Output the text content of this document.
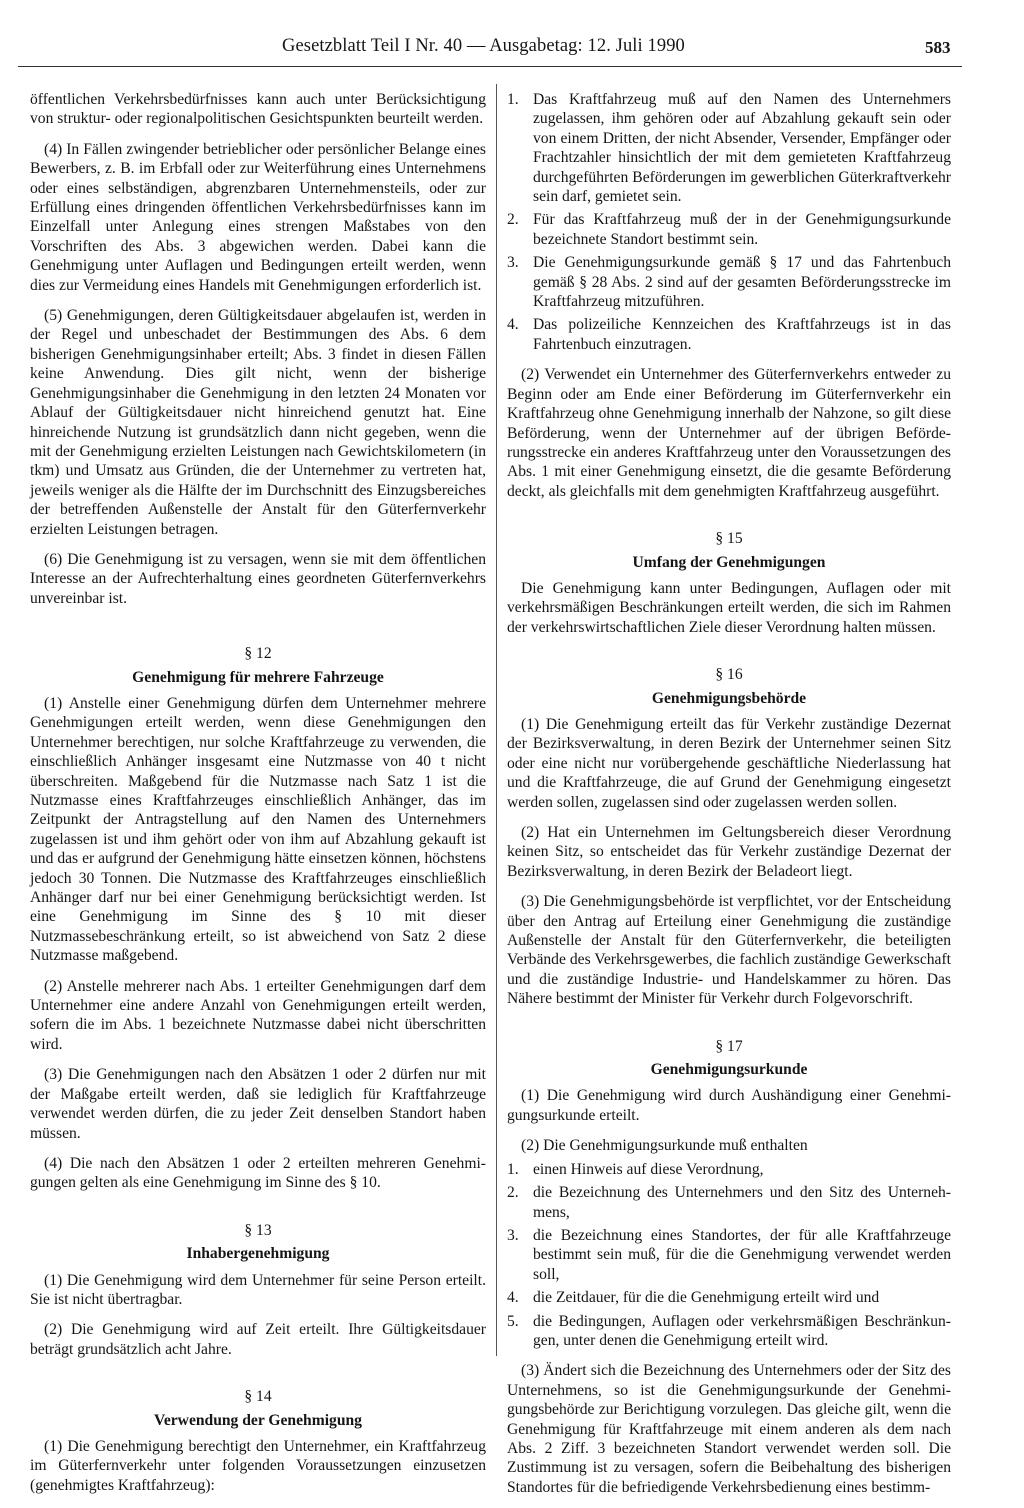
Gesetzblatt Teil I Nr. 40 — Ausgabetag: 12. Juli 1990	583

öffentlichen Verkehrsbedürfnisses kann auch unter Berücksichtigung von struktur- oder regionalpolitischen Gesichtspunkten beurteilt werden.

(4) In Fällen zwingender betrieblicher oder persönlicher Belange eines Bewerbers, z. B. im Erbfall oder zur Weiterführung eines Unternehmens oder eines selbständigen, abgrenzbaren Unternehmensteils, oder zur Erfüllung eines dringenden öffentlichen Verkehrsbedürfnisses kann im Einzelfall unter Anlegung eines strengen Maßstabes von den Vorschriften des Abs. 3 abgewichen werden. Dabei kann die Genehmigung unter Auflagen und Bedingungen erteilt werden, wenn dies zur Vermeidung eines Handels mit Genehmigungen erforderlich ist.

(5) Genehmigungen, deren Gültigkeitsdauer abgelaufen ist, werden in der Regel und unbeschadet der Bestimmungen des Abs. 6 dem bisherigen Genehmigungsinhaber erteilt; Abs. 3 findet in diesen Fällen keine Anwendung. Dies gilt nicht, wenn der bisherige Genehmigungsinhaber die Genehmigung in den letzten 24 Monaten vor Ablauf der Gültigkeitsdauer nicht hinreichend genutzt hat. Eine hinreichende Nutzung ist grundsätzlich dann nicht gegeben, wenn die mit der Genehmigung erzielten Leistungen nach Gewichtskilometern (in tkm) und Umsatz aus Gründen, die der Unternehmer zu vertreten hat, jeweils weniger als die Hälfte der im Durchschnitt des Einzugsbereiches der betreffenden Außenstelle der Anstalt für den Güterfernverkehr erzielten Leistungen betragen.

(6) Die Genehmigung ist zu versagen, wenn sie mit dem öffentlichen Interesse an der Aufrechterhaltung eines geordneten Güterfernverkehrs unvereinbar ist.

§ 12
Genehmigung für mehrere Fahrzeuge

(1) Anstelle einer Genehmigung dürfen dem Unternehmer mehrere Genehmigungen erteilt werden, wenn diese Genehmigungen den Unternehmer berechtigen, nur solche Kraftfahrzeuge zu verwenden, die einschließlich Anhänger insgesamt eine Nutzmasse von 40 t nicht überschreiten. Maßgebend für die Nutzmasse nach Satz 1 ist die Nutzmasse eines Kraftfahrzeuges einschließlich Anhänger, das im Zeitpunkt der Antragstellung auf den Namen des Unternehmers zugelassen ist und ihm gehört oder von ihm auf Abzahlung gekauft ist und das er aufgrund der Genehmigung hätte einsetzen können, höchstens jedoch 30 Tonnen. Die Nutzmasse des Kraftfahrzeuges einschließlich Anhänger darf nur bei einer Genehmigung berücksichtigt werden. Ist eine Genehmigung im Sinne des § 10 mit dieser Nutzmassebeschränkung erteilt, so ist abweichend von Satz 2 diese Nutzmasse maßgebend.

(2) Anstelle mehrerer nach Abs. 1 erteilter Genehmigungen darf dem Unternehmer eine andere Anzahl von Genehmigungen erteilt werden, sofern die im Abs. 1 bezeichnete Nutzmasse dabei nicht überschritten wird.

(3) Die Genehmigungen nach den Absätzen 1 oder 2 dürfen nur mit der Maßgabe erteilt werden, daß sie lediglich für Kraftfahrzeuge verwendet werden dürfen, die zu jeder Zeit denselben Standort haben müssen.

(4) Die nach den Absätzen 1 oder 2 erteilten mehreren Genehmigungen gelten als eine Genehmigung im Sinne des § 10.

§ 13
Inhabergenehmigung

(1) Die Genehmigung wird dem Unternehmer für seine Person erteilt. Sie ist nicht übertragbar.

(2) Die Genehmigung wird auf Zeit erteilt. Ihre Gültigkeitsdauer beträgt grundsätzlich acht Jahre.

§ 14
Verwendung der Genehmigung

(1) Die Genehmigung berechtigt den Unternehmer, ein Kraftfahrzeug im Güterfernverkehr unter folgenden Voraussetzungen einzusetzen (genehmigtes Kraftfahrzeug):

1. Das Kraftfahrzeug muß auf den Namen des Unternehmers zugelassen, ihm gehören oder auf Abzahlung gekauft sein oder von einem Dritten, der nicht Absender, Versender, Empfänger oder Frachtzahler hinsichtlich der mit dem gemieteten Kraftfahrzeug durchgeführten Beförderungen im gewerblichen Güterkraftverkehr sein darf, gemietet sein.
2. Für das Kraftfahrzeug muß der in der Genehmigungsurkunde bezeichnete Standort bestimmt sein.
3. Die Genehmigungsurkunde gemäß § 17 und das Fahrtenbuch gemäß § 28 Abs. 2 sind auf der gesamten Beförderungsstrecke im Kraftfahrzeug mitzuführen.
4. Das polizeiliche Kennzeichen des Kraftfahrzeugs ist in das Fahrtenbuch einzutragen.

(2) Verwendet ein Unternehmer des Güterfernverkehrs entweder zu Beginn oder am Ende einer Beförderung im Güterfernverkehr ein Kraftfahrzeug ohne Genehmigung innerhalb der Nahzone, so gilt diese Beförderung, wenn der Unternehmer auf der übrigen Beförderungsstrecke ein anderes Kraftfahrzeug unter den Voraussetzungen des Abs. 1 mit einer Genehmigung einsetzt, die die gesamte Beförderung deckt, als gleichfalls mit dem genehmigten Kraftfahrzeug ausgeführt.

§ 15
Umfang der Genehmigungen

Die Genehmigung kann unter Bedingungen, Auflagen oder mit verkehrsmäßigen Beschränkungen erteilt werden, die sich im Rahmen der verkehrswirtschaftlichen Ziele dieser Verordnung halten müssen.

§ 16
Genehmigungsbehörde

(1) Die Genehmigung erteilt das für Verkehr zuständige Dezernat der Bezirksverwaltung, in deren Bezirk der Unternehmer seinen Sitz oder eine nicht nur vorübergehende geschäftliche Niederlassung hat und die Kraftfahrzeuge, die auf Grund der Genehmigung eingesetzt werden sollen, zugelassen sind oder zugelassen werden sollen.

(2) Hat ein Unternehmen im Geltungsbereich dieser Verordnung keinen Sitz, so entscheidet das für Verkehr zuständige Dezernat der Bezirksverwaltung, in deren Bezirk der Beladeort liegt.

(3) Die Genehmigungsbehörde ist verpflichtet, vor der Entscheidung über den Antrag auf Erteilung einer Genehmigung die zuständige Außenstelle der Anstalt für den Güterfernverkehr, die beteiligten Verbände des Verkehrsgewerbes, die fachlich zuständige Gewerkschaft und die zuständige Industrie- und Handelskammer zu hören. Das Nähere bestimmt der Minister für Verkehr durch Folgevorschrift.

§ 17
Genehmigungsurkunde

(1) Die Genehmigung wird durch Aushändigung einer Genehmigungsurkunde erteilt.

(2) Die Genehmigungsurkunde muß enthalten

1. einen Hinweis auf diese Verordnung,
2. die Bezeichnung des Unternehmers und den Sitz des Unternehmens,
3. die Bezeichnung eines Standortes, der für alle Kraftfahrzeuge bestimmt sein muß, für die die Genehmigung verwendet werden soll,
4. die Zeitdauer, für die die Genehmigung erteilt wird und
5. die Bedingungen, Auflagen oder verkehrsmäßigen Beschränkungen, unter denen die Genehmigung erteilt wird.

(3) Ändert sich die Bezeichnung des Unternehmers oder der Sitz des Unternehmens, so ist die Genehmigungsurkunde der Genehmigungsbehörde zur Berichtigung vorzulegen. Das gleiche gilt, wenn die Genehmigung für Kraftfahrzeuge mit einem anderen als dem nach Abs. 2 Ziff. 3 bezeichneten Standort verwendet werden soll. Die Zustimmung ist zu versagen, sofern die Beibehaltung des bisherigen Standortes für die befriedigende Verkehrsbedienung eines bestimm-
